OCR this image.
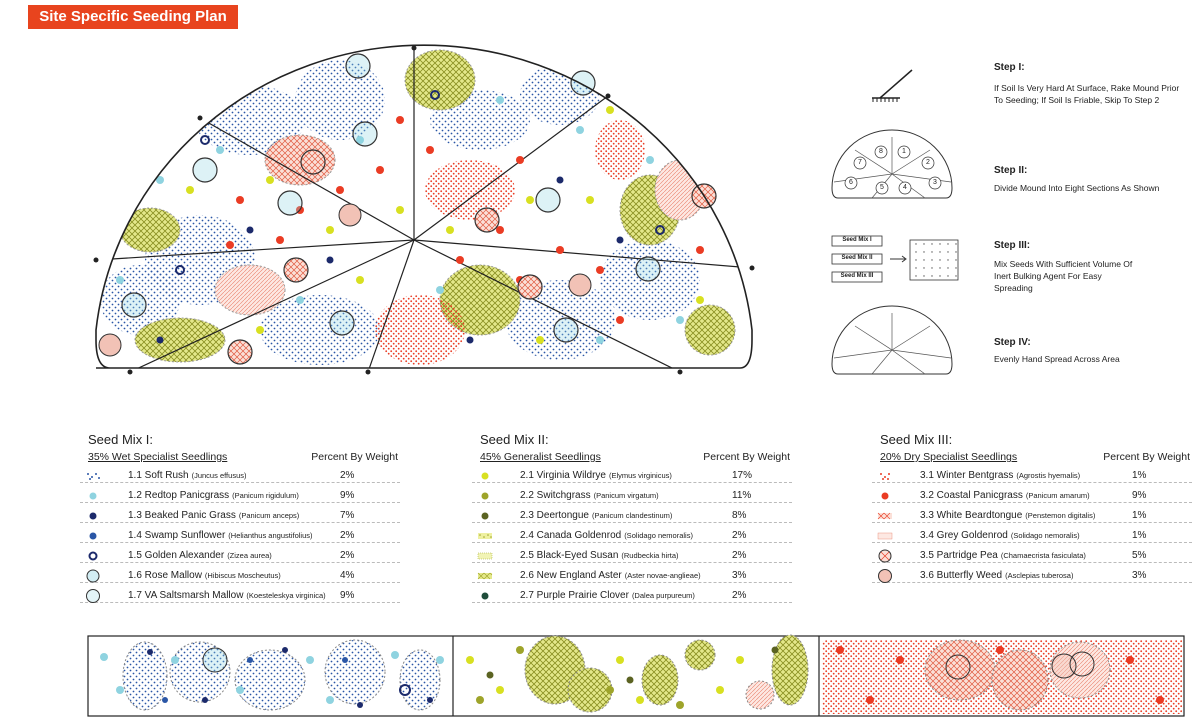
Site Specific Seeding Plan
1
2
3
4
5
6
7
8
Seed Mix I
Seed Mix II
Seed Mix III
Step I:
If Soil Is Very Hard At Surface, Rake Mound Prior To Seeding; If Soil Is Friable, Skip To Step 2
Step II:
Divide Mound Into Eight Sections As Shown
Step III:
Mix Seeds With Sufficient Volume Of Inert Bulking Agent For Easy Spreading
Step IV:
Evenly Hand Spread Across Area
Seed Mix I:
35% Wet Specialist Seedlings	Percent By Weight
1.1 Soft Rush (Juncus effusus)	2%
1.2 Redtop Panicgrass (Panicum rigidulum)	9%
1.3 Beaked Panic Grass (Panicum anceps)	7%
1.4 Swamp Sunflower (Helianthus angustifolius)	2%
1.5 Golden Alexander (Zizea aurea)	2%
1.6 Rose Mallow (Hibiscus Moscheutus)	4%
1.7 VA Saltsmarsh Mallow (Koesteleskya virginica)	9%
Seed Mix II:
45% Generalist Seedlings	Percent By Weight
2.1 Virginia Wildrye (Elymus virginicus)	17%
2.2 Switchgrass (Panicum virgatum)	11%
2.3 Deertongue (Panicum clandestinum)	8%
2.4 Canada Goldenrod (Solidago nemoralis)	2%
2.5 Black-Eyed Susan (Rudbeckia hirta)	2%
2.6 New England Aster (Aster novae-anglieae)	3%
2.7 Purple Prairie Clover (Dalea purpureum)	2%
Seed Mix III:
20% Dry Specialist Seedlings	Percent By Weight
3.1 Winter Bentgrass (Agrostis hyemalis)	1%
3.2 Coastal Panicgrass (Panicum amarum)	9%
3.3 White Beardtongue (Penstemon digitalis)	1%
3.4 Grey Goldenrod (Solidago nemoralis)	1%
3.5 Partridge Pea (Chamaecrista fasiculata)	5%
3.6 Butterfly Weed (Asclepias tuberosa)	3%
